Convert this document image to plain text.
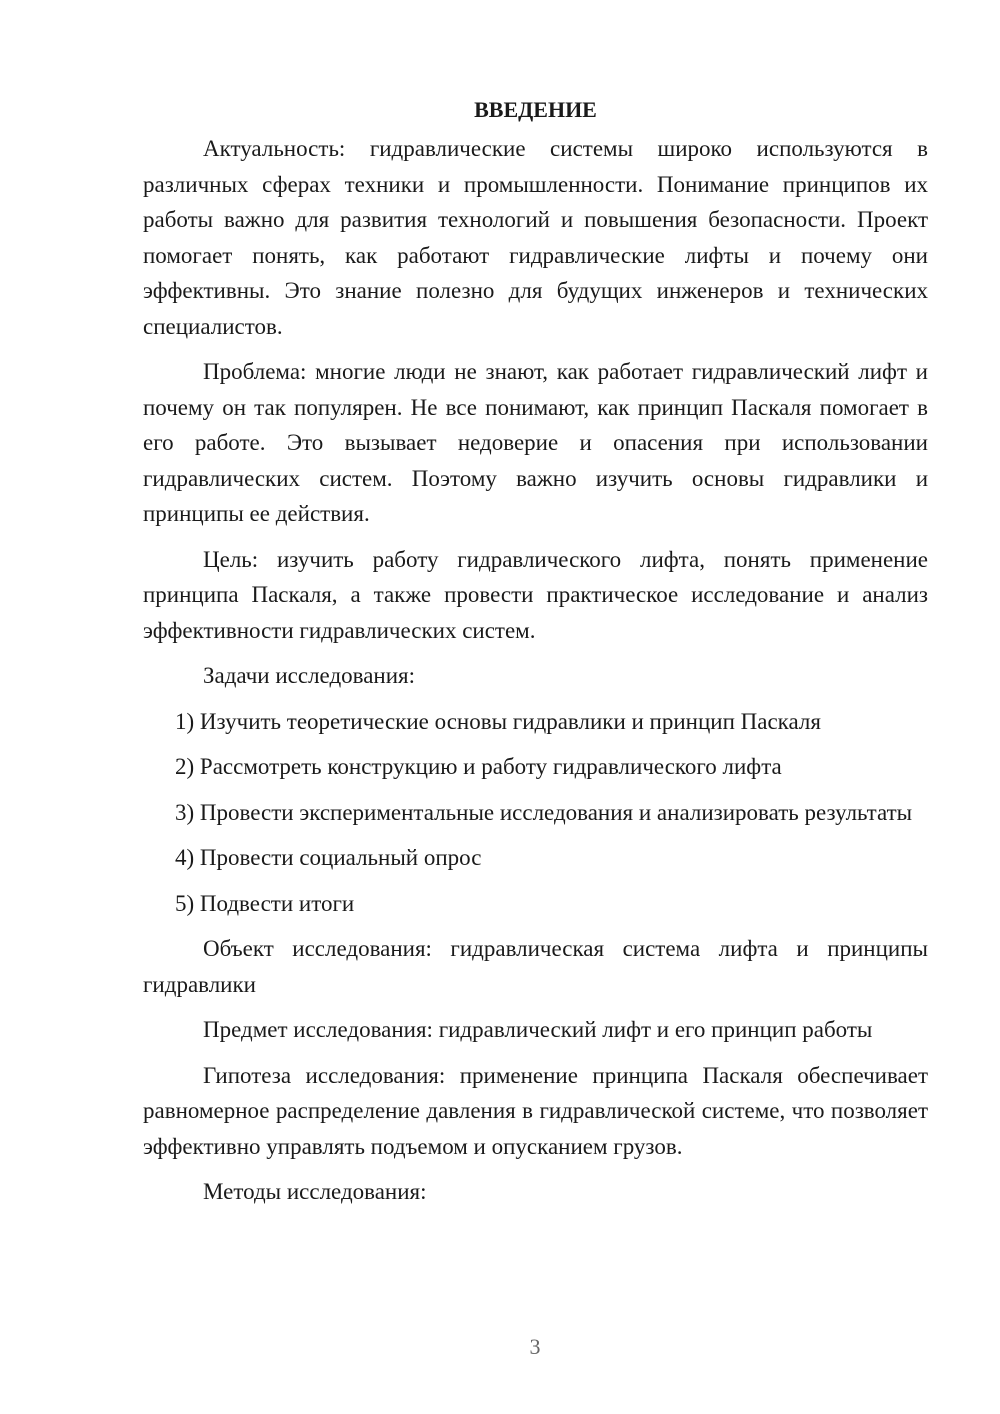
ВВЕДЕНИЕ

Актуальность: гидравлические системы широко используются в различных сферах техники и промышленности. Понимание принципов их работы важно для развития технологий и повышения безопасности. Проект помогает понять, как работают гидравлические лифты и почему они эффективны. Это знание полезно для будущих инженеров и технических специалистов.

Проблема: многие люди не знают, как работает гидравлический лифт и почему он так популярен. Не все понимают, как принцип Паскаля помогает в его работе. Это вызывает недоверие и опасения при использовании гидравлических систем. Поэтому важно изучить основы гидравлики и принципы ее действия.

Цель: изучить работу гидравлического лифта, понять применение принципа Паскаля, а также провести практическое исследование и анализ эффективности гидравлических систем.

Задачи исследования:

1) Изучить теоретические основы гидравлики и принцип Паскаля

2) Рассмотреть конструкцию и работу гидравлического лифта

3) Провести экспериментальные исследования и анализировать результаты

4) Провести социальный опрос

5) Подвести итоги

Объект исследования: гидравлическая система лифта и принципы гидравлики

Предмет исследования: гидравлический лифт и его принцип работы

Гипотеза исследования: применение принципа Паскаля обеспечивает равномерное распределение давления в гидравлической системе, что позволяет эффективно управлять подъемом и опусканием грузов.

Методы исследования:

3
